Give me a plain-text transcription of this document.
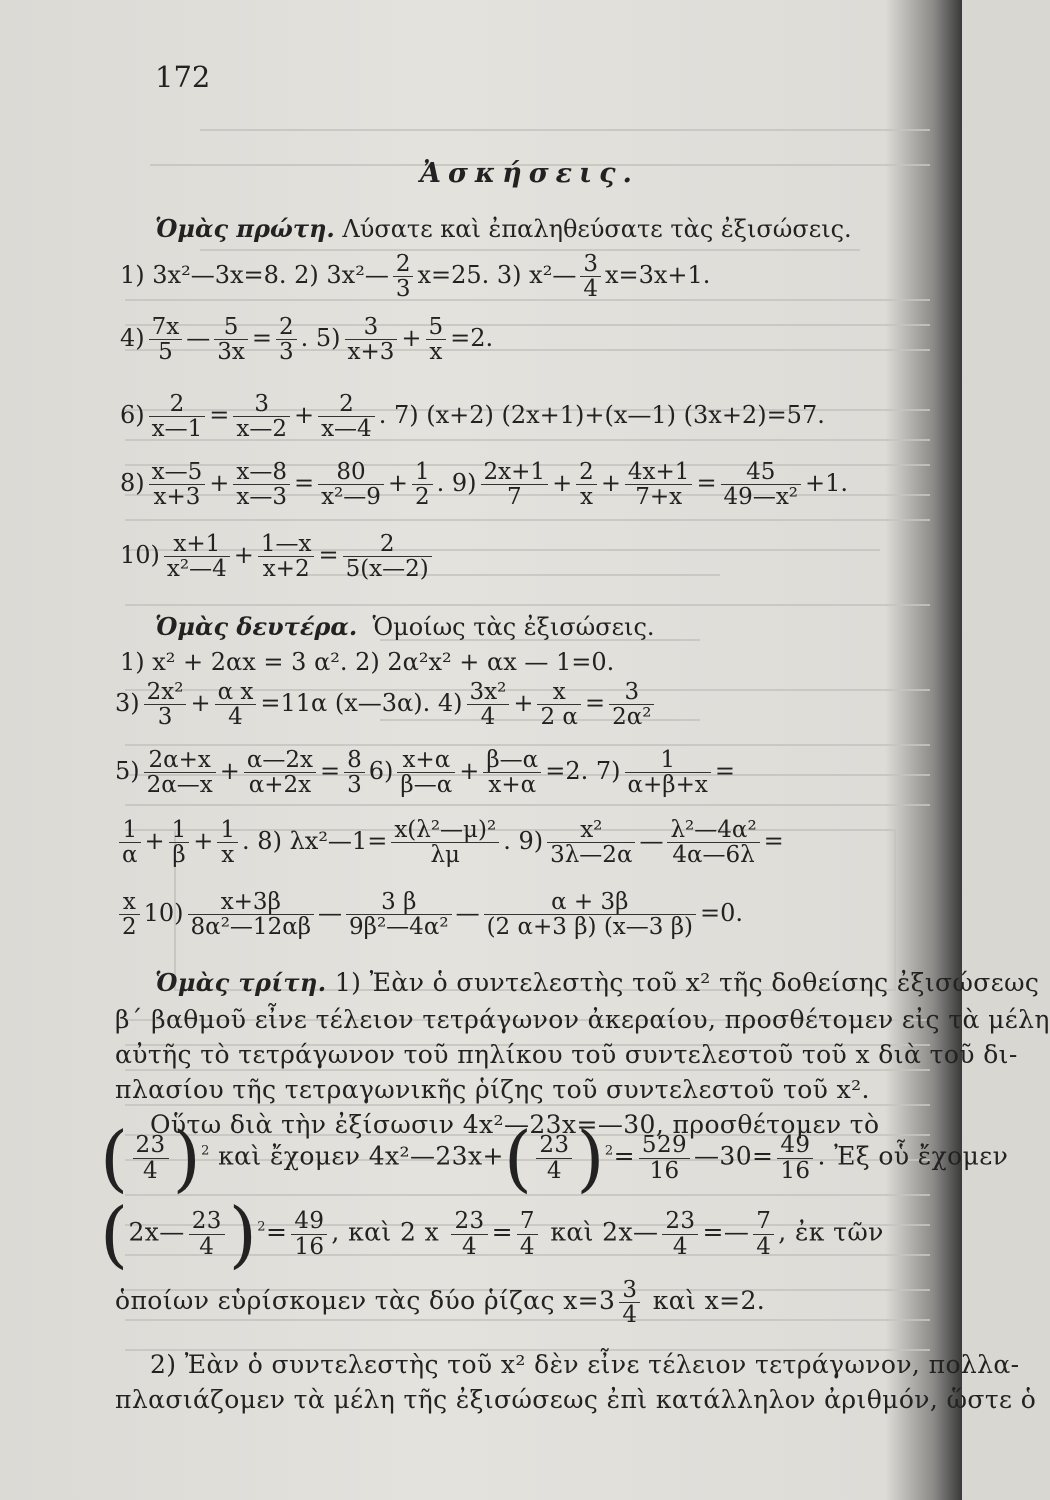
172
Ἀσκήσεις.
Ὁμὰς πρώτη. Λύσατε καὶ ἐπαληθεύσατε τὰς ἐξισώσεις.
1) 3x²—3x=8. 2) 3x²— $\frac{2}{3} x=25$. 3) x²— $\frac{3}{4} x=3x+1$.
$4) \frac{7x}{5}$ — $\frac{5}{3x} = \frac{2}{3}$ . $5) \frac{3}{x+3} + \frac{5}{x} =2$.
$6) \frac{2}{x—1} = \frac{3}{x—2} + \frac{2}{x—4}$ . 7) (x+2) (2x+1)+(x—1) (3x+2)=57.
$8) \frac{x—5}{x+3} + \frac{x—8}{x—3} = \frac{80}{\text{x²—9}} + \frac{1}{2}$ . $9) \frac{2x+1}{7} + \frac{2}{x} + \frac{4x+1}{7+x} = \frac{45}{\text{49—x²}} +1$.
$10) \frac{x+1}{\text{x²—4}} + \frac{1—x}{x+2} = \frac{2}{5(x—2)}$
Ὁμὰς δευτέρα. Ὁμοίως τὰς ἐξισώσεις.
1) x² + 2αx = 3 α². 2) 2α²x² + αx — 1=0.
$3) \frac{\text{2x²}}{3} + \frac{\text{α x}}{4} =11\alpha$ (x—3α). $4) \frac{\text{3x²}}{4} + \frac{x}{2 \alpha} = \frac{3}{\text{2α²}}$
$5) \frac{2\alpha+x}{2\alpha—x} + \frac{\alpha—2x}{\alpha+2x} = \frac{8}{3} 6) \frac{x+\alpha}{\beta—\alpha} + \frac{\beta—\alpha}{x+\alpha} =2$. $7) \frac{1}{\alpha+\beta+x}$ =
$\frac{1}{\alpha} + \frac{1}{\beta} + \frac{1}{x}$ . 8) λx²—1= $\frac{\text{x(λ²—μ)²}}{\lambda\mu}$ . $9) \frac{\text{x²}}{3\lambda—2\alpha}$ — $\frac{\text{λ²—4α²}}{4\alpha—6\lambda}$ =
$\frac{x}{2} 10) \frac{x+3\beta}{\text{8α²—12αβ}}$ — $\frac{3 \beta}{\text{9β²—4α²}}$ — $\frac{\alpha + 3\beta}{(2 \alpha+3 \beta) (x—3 \beta)} =0$.
Ὁμὰς τρίτη. 1) Ἐὰν ὁ συντελεστὴς τοῦ x² τῆς δοθείσης ἐξισώσεως
β΄ βαθμοῦ εἶνε τέλειον τετράγωνον ἀκεραίου, προσθέτομεν εἰς τὰ μέλη
αὐτῆς τὸ τετράγωνον τοῦ πηλίκου τοῦ συντελεστοῦ τοῦ x διὰ τοῦ δι-
πλασίου τῆς τετραγωνικῆς ῥίζης τοῦ συντελεστοῦ τοῦ x².
Οὕτω διὰ τὴν ἐξίσωσιν 4x²—23x=—30, προσθέτομεν τὸ
( $\frac{23}{4} )^2$ καὶ ἔχομεν 4x²—23x+( $\frac{23}{4} )^2= \frac{529}{16}$ —30= $\frac{49}{16}$ . Ἐξ οὗ ἔχομεν
(2x— $\frac{23}{4} )^2= \frac{49}{16}$ , καὶ 2 x $\frac{23}{4} = \frac{7}{4}$ καὶ 2x— $\frac{23}{4}$ =— $\frac{7}{4}$ , ἐκ τῶν
ὁποίων εὑρίσκομεν τὰς δύο ῥίζας $x=3 \frac{3}{4}$ καὶ x=2.
2) Ἐὰν ὁ συντελεστὴς τοῦ x² δὲν εἶνε τέλειον τετράγωνον, πολλα-
πλασιάζομεν τὰ μέλη τῆς ἐξισώσεως ἐπὶ κατάλληλον ἀριθμόν, ὥστε ὁ
